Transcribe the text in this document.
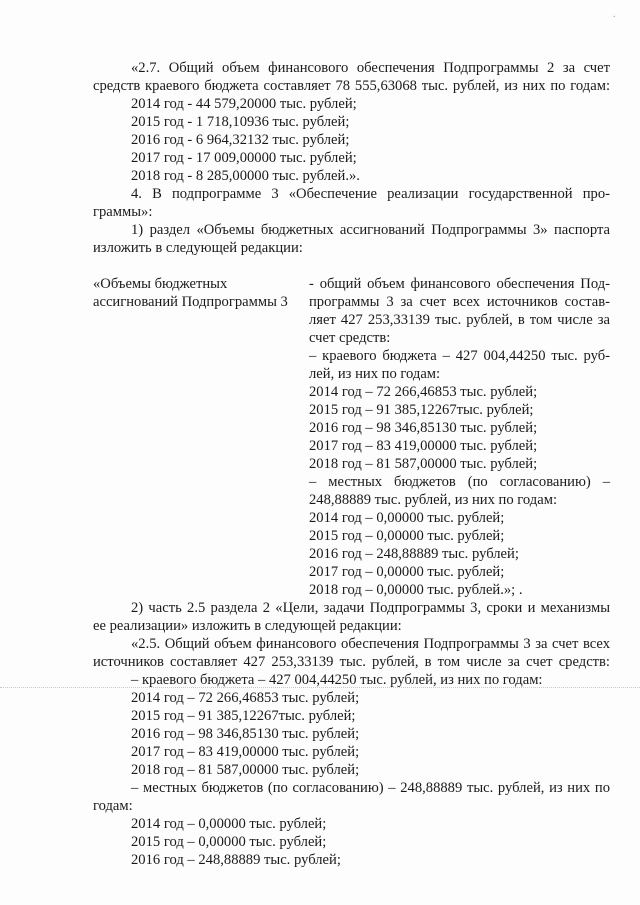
·

«2.7. Общий объем финансового обеспечения Подпрограммы 2 за счет

средств краевого бюджета составляет 78 555,63068 тыс. рублей, из них по годам:

2014 год - 44 579,20000 тыс. рублей;

2015 год - 1 718,10936 тыс. рублей;

2016 год - 6 964,32132 тыс. рублей;

2017 год - 17 009,00000 тыс. рублей;

2018 год - 8 285,00000 тыс. рублей.».

4. В подпрограмме 3 «Обеспечение реализации государственной про-

граммы»:

1) раздел «Объемы бюджетных ассигнований Подпрограммы 3» паспорта

изложить в следующей редакции:

«Объемы бюджетных

ассигнований Подпрограммы 3

- общий объем финансового обеспечения Под-

программы 3 за счет всех источников состав-

ляет 427 253,33139 тыс. рублей, в том числе за

счет средств:

– краевого бюджета – 427 004,44250 тыс. руб-

лей, из них по годам:

2014 год – 72 266,46853 тыс. рублей;

2015 год – 91 385,12267тыс. рублей;

2016 год – 98 346,85130 тыс. рублей;

2017 год – 83 419,00000 тыс. рублей;

2018 год – 81 587,00000 тыс. рублей;

– местных бюджетов (по согласованию) –

248,88889 тыс. рублей, из них по годам:

2014 год – 0,00000 тыс. рублей;

2015 год – 0,00000 тыс. рублей;

2016 год – 248,88889 тыс. рублей;

2017 год – 0,00000 тыс. рублей;

2018 год – 0,00000 тыс. рублей.»; .

2) часть 2.5 раздела 2 «Цели, задачи Подпрограммы 3, сроки и механизмы

ее реализации» изложить в следующей редакции:

«2.5. Общий объем финансового обеспечения Подпрограммы 3 за счет всех

источников составляет 427 253,33139 тыс. рублей, в том числе за счет средств:

– краевого бюджета – 427 004,44250 тыс. рублей, из них по годам:

2014 год – 72 266,46853 тыс. рублей;

2015 год – 91 385,12267тыс. рублей;

2016 год – 98 346,85130 тыс. рублей;

2017 год – 83 419,00000 тыс. рублей;

2018 год – 81 587,00000 тыс. рублей;

– местных бюджетов (по согласованию) – 248,88889 тыс. рублей, из них по

годам:

2014 год – 0,00000 тыс. рублей;

2015 год – 0,00000 тыс. рублей;

2016 год – 248,88889 тыс. рублей;
